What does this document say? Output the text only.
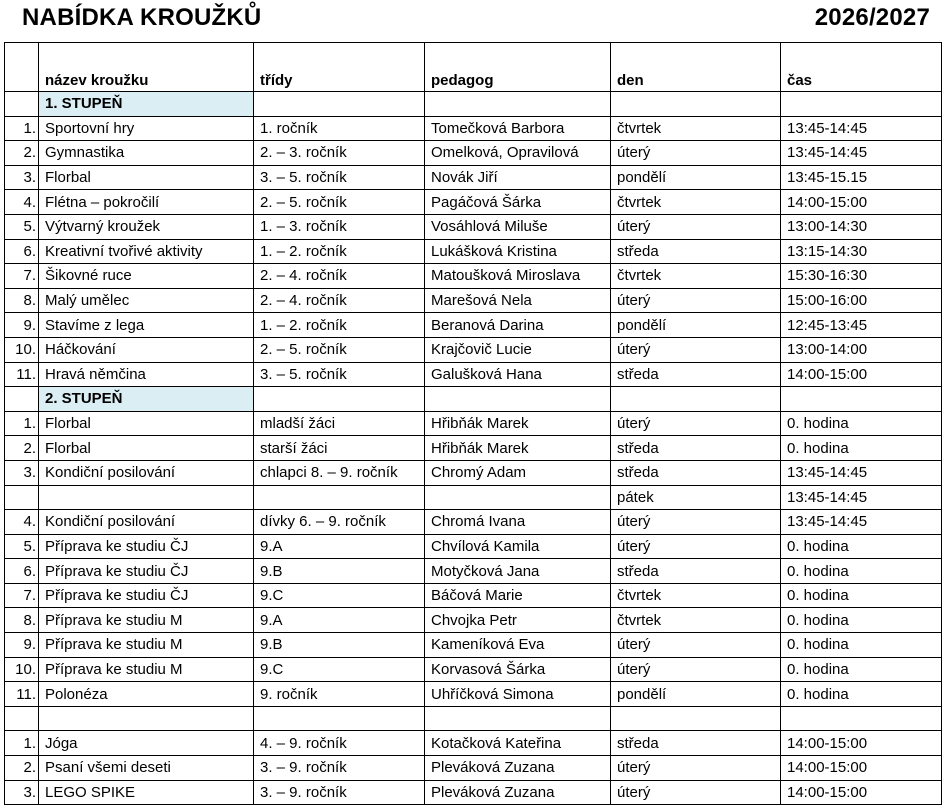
NABÍDKA KROUŽKŮ	2026/2027
	název kroužku	třídy	pedagog	den	čas
	1. STUPEŇ				
1.	Sportovní hry	1. ročník	Tomečková Barbora	čtvrtek	13:45-14:45
2.	Gymnastika	2. – 3. ročník	Omelková, Opravilová	úterý	13:45-14:45
3.	Florbal	3. – 5. ročník	Novák Jiří	pondělí	13:45-15.15
4.	Flétna – pokročilí	2. – 5. ročník	Pagáčová Šárka	čtvrtek	14:00-15:00
5.	Výtvarný kroužek	1. – 3. ročník	Vosáhlová Miluše	úterý	13:00-14:30
6.	Kreativní tvořivé aktivity	1. – 2. ročník	Lukášková Kristina	středa	13:15-14:30
7.	Šikovné ruce	2. – 4. ročník	Matoušková Miroslava	čtvrtek	15:30-16:30
8.	Malý umělec	2. – 4. ročník	Marešová Nela	úterý	15:00-16:00
9.	Stavíme z lega	1. – 2. ročník	Beranová Darina	pondělí	12:45-13:45
10.	Háčkování	2. – 5. ročník	Krajčovič Lucie	úterý	13:00-14:00
11.	Hravá němčina	3. – 5. ročník	Galušková Hana	středa	14:00-15:00
	2. STUPEŇ				
1.	Florbal	mladší žáci	Hřibňák Marek	úterý	0. hodina
2.	Florbal	starší žáci	Hřibňák Marek	středa	0. hodina
3.	Kondiční posilování	chlapci 8. – 9. ročník	Chromý Adam	středa	13:45-14:45
				pátek	13:45-14:45
4.	Kondiční posilování	dívky 6. – 9. ročník	Chromá Ivana	úterý	13:45-14:45
5.	Příprava ke studiu ČJ	9.A	Chvílová Kamila	úterý	0. hodina
6.	Příprava ke studiu ČJ	9.B	Motyčková Jana	středa	0. hodina
7.	Příprava ke studiu ČJ	9.C	Báčová Marie	čtvrtek	0. hodina
8.	Příprava ke studiu M	9.A	Chvojka Petr	čtvrtek	0. hodina
9.	Příprava ke studiu M	9.B	Kameníková Eva	úterý	0. hodina
10.	Příprava ke studiu M	9.C	Korvasová Šárka	úterý	0. hodina
11.	Polonéza	9. ročník	Uhříčková Simona	pondělí	0. hodina

1.	Jóga	4. – 9. ročník	Kotačková Kateřina	středa	14:00-15:00
2.	Psaní všemi deseti	3. – 9. ročník	Pleváková Zuzana	úterý	14:00-15:00
3.	LEGO SPIKE	3. – 9. ročník	Pleváková Zuzana	úterý	14:00-15:00
